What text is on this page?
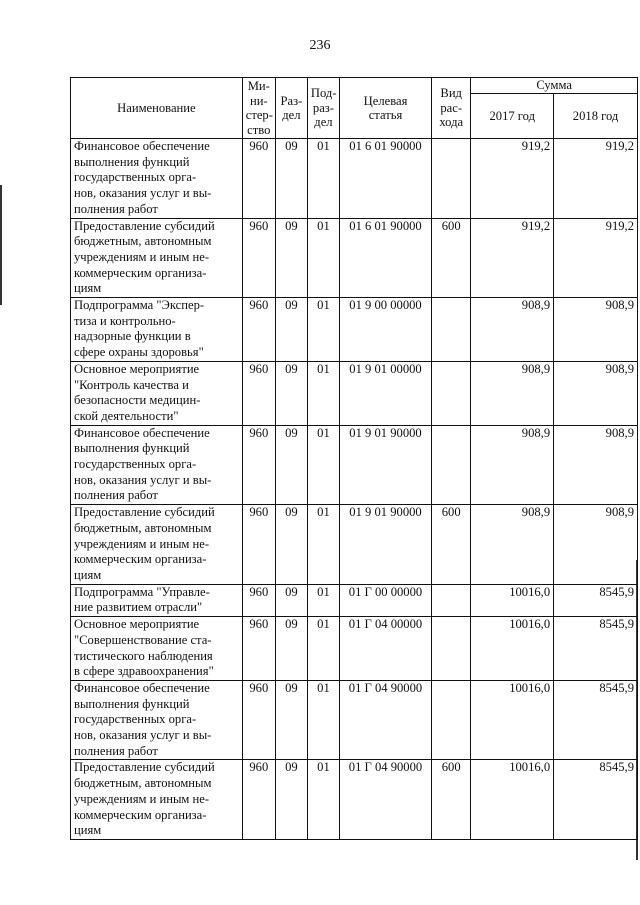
236
Наименование	Ми-
ни-
стер-
ство	Раз-
дел	Под-
раз-
дел	Целевая
статья	Вид
рас-
хода	Сумма	
						2017 год	2018 год
Финансовое обеспечение
выполнения функций
государственных орга-
нов, оказания услуг и вы-
полнения работ	960	09	01	01 6 01 90000		919,2	919,2
Предоставление субсидий
бюджетным, автономным
учреждениям и иным не-
коммерческим организа-
циям	960	09	01	01 6 01 90000	600	919,2	919,2
Подпрограмма "Экспер-
тиза и контрольно-
надзорные функции в
сфере охраны здоровья"	960	09	01	01 9 00 00000		908,9	908,9
Основное мероприятие
"Контроль качества и
безопасности медицин-
ской деятельности"	960	09	01	01 9 01 00000		908,9	908,9
Финансовое обеспечение
выполнения функций
государственных орга-
нов, оказания услуг и вы-
полнения работ	960	09	01	01 9 01 90000		908,9	908,9
Предоставление субсидий
бюджетным, автономным
учреждениям и иным не-
коммерческим организа-
циям	960	09	01	01 9 01 90000	600	908,9	908,9
Подпрограмма "Управле-
ние развитием отрасли"	960	09	01	01 Г 00 00000		10016,0	8545,9
Основное мероприятие
"Совершенствование ста-
тистического наблюдения
в сфере здравоохранения"	960	09	01	01 Г 04 00000		10016,0	8545,9
Финансовое обеспечение
выполнения функций
государственных орга-
нов, оказания услуг и вы-
полнения работ	960	09	01	01 Г 04 90000		10016,0	8545,9
Предоставление субсидий
бюджетным, автономным
учреждениям и иным не-
коммерческим организа-
циям	960	09	01	01 Г 04 90000	600	10016,0	8545,9
